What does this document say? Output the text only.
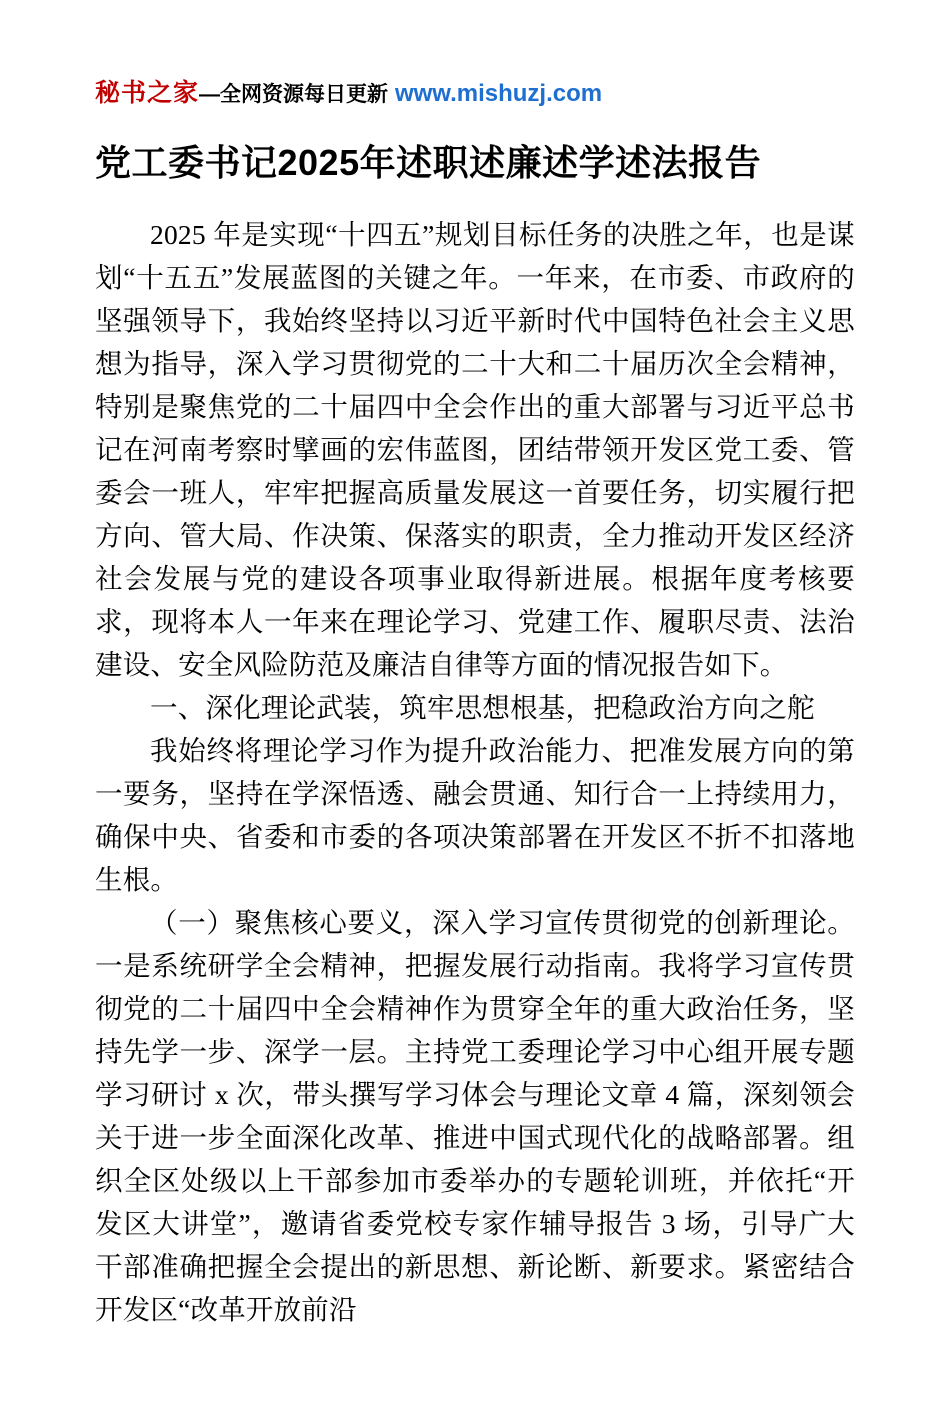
秘书之家—全网资源每日更新 www.mishuzj.com
党工委书记2025年述职述廉述学述法报告

2025 年是实现“十四五”规划目标任务的决胜之年，也是谋划“十五五”发展蓝图的关键之年。一年来，在市委、市政府的坚强领导下，我始终坚持以习近平新时代中国特色社会主义思想为指导，深入学习贯彻党的二十大和二十届历次全会精神，特别是聚焦党的二十届四中全会作出的重大部署与习近平总书记在河南考察时擘画的宏伟蓝图，团结带领开发区党工委、管委会一班人，牢牢把握高质量发展这一首要任务，切实履行把方向、管大局、作决策、保落实的职责，全力推动开发区经济社会发展与党的建设各项事业取得新进展。根据年度考核要求，现将本人一年来在理论学习、党建工作、履职尽责、法治建设、安全风险防范及廉洁自律等方面的情况报告如下。

一、深化理论武装，筑牢思想根基，把稳政治方向之舵

我始终将理论学习作为提升政治能力、把准发展方向的第一要务，坚持在学深悟透、融会贯通、知行合一上持续用力，确保中央、省委和市委的各项决策部署在开发区不折不扣落地生根。

（一）聚焦核心要义，深入学习宣传贯彻党的创新理论。一是系统研学全会精神，把握发展行动指南。我将学习宣传贯彻党的二十届四中全会精神作为贯穿全年的重大政治任务，坚持先学一步、深学一层。主持党工委理论学习中心组开展专题学习研讨 x 次，带头撰写学习体会与理论文章 4 篇，深刻领会关于进一步全面深化改革、推进中国式现代化的战略部署。组织全区处级以上干部参加市委举办的专题轮训班，并依托“开发区大讲堂”，邀请省委党校专家作辅导报告 3 场，引导广大干部准确把握全会提出的新思想、新论断、新要求。紧密结合开发区“改革开放前沿
